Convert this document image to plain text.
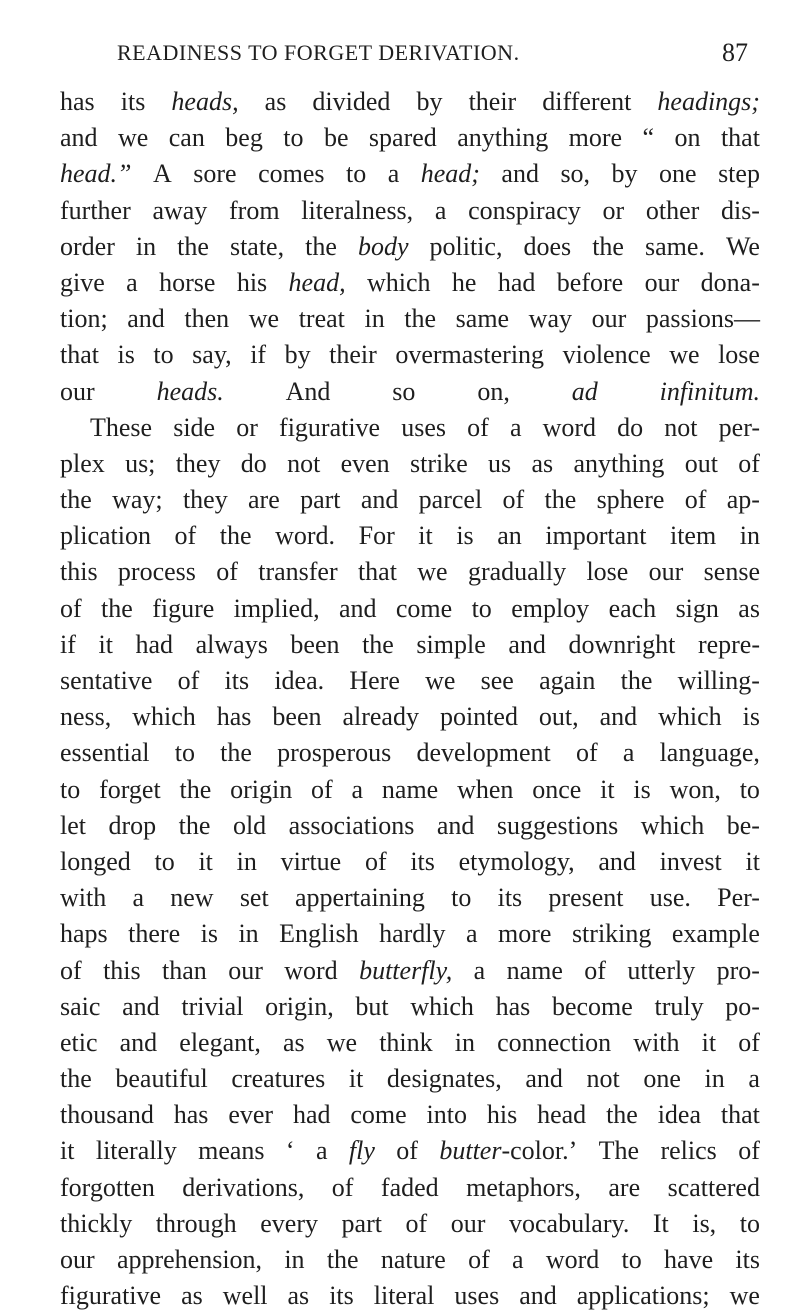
READINESS TO FORGET DERIVATION.	87
has its heads, as divided by their different headings;
and we can beg to be spared anything more “ on that
head.” A sore comes to a head; and so, by one step
further away from literalness, a conspiracy or other dis-
order in the state, the body politic, does the same. We
give a horse his head, which he had before our dona-
tion; and then we treat in the same way our passions—
that is to say, if by their overmastering violence we lose
our heads. And so on, ad infinitum.
These side or figurative uses of a word do not per-
plex us; they do not even strike us as anything out of
the way; they are part and parcel of the sphere of ap-
plication of the word. For it is an important item in
this process of transfer that we gradually lose our sense
of the figure implied, and come to employ each sign as
if it had always been the simple and downright repre-
sentative of its idea. Here we see again the willing-
ness, which has been already pointed out, and which is
essential to the prosperous development of a language,
to forget the origin of a name when once it is won, to
let drop the old associations and suggestions which be-
longed to it in virtue of its etymology, and invest it
with a new set appertaining to its present use. Per-
haps there is in English hardly a more striking example
of this than our word butterfly, a name of utterly pro-
saic and trivial origin, but which has become truly po-
etic and elegant, as we think in connection with it of
the beautiful creatures it designates, and not one in a
thousand has ever had come into his head the idea that
it literally means ‘ a fly of butter-color.’ The relics of
forgotten derivations, of faded metaphors, are scattered
thickly through every part of our vocabulary. It is, to
our apprehension, in the nature of a word to have its
figurative as well as its literal uses and applications; we
